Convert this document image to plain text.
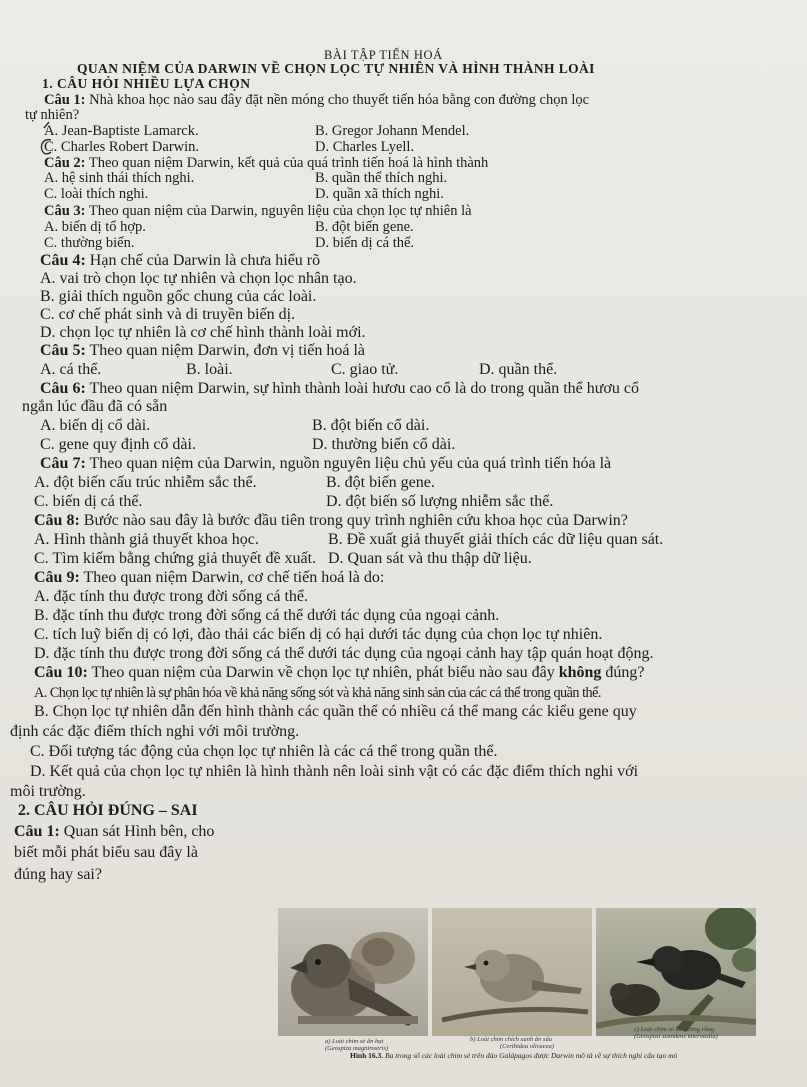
BÀI TẬP TIẾN HOÁ
QUAN NIỆM CỦA DARWIN VỀ CHỌN LỌC TỰ NHIÊN VÀ HÌNH THÀNH LOÀI
1. CÂU HỎI NHIỀU LỰA CHỌN
Câu 1: Nhà khoa học nào sau đây đặt nền móng cho thuyết tiến hóa bằng con đường chọn lọc
tự nhiên?
A. Jean-Baptiste Lamarck.	B. Gregor Johann Mendel.
C. Charles Robert Darwin.	D. Charles Lyell.
Câu 2: Theo quan niệm Darwin, kết quả của quá trình tiến hoá là hình thành
A. hệ sinh thái thích nghi.	B. quần thể thích nghi.
C. loài thích nghi.	D. quần xã thích nghi.
Câu 3: Theo quan niệm của Darwin, nguyên liệu của chọn lọc tự nhiên là
A. biến dị tổ hợp.	B. đột biến gene.
C. thường biến.	D. biến dị cá thể.
Câu 4: Hạn chế của Darwin là chưa hiểu rõ
A. vai trò chọn lọc tự nhiên và chọn lọc nhân tạo.
B. giải thích nguồn gốc chung của các loài.
C. cơ chế phát sinh và di truyền biến dị.
D. chọn lọc tự nhiên là cơ chế hình thành loài mới.
Câu 5: Theo quan niệm Darwin, đơn vị tiến hoá là
A. cá thể.	B. loài.	C. giao tử.	D. quần thể.
Câu 6: Theo quan niệm Darwin, sự hình thành loài hươu cao cổ là do trong quần thể hươu cổ
ngắn lúc đầu đã có sẵn
A. biến dị cổ dài.	B. đột biến cổ dài.
C. gene quy định cổ dài.	D. thường biến cổ dài.
Câu 7: Theo quan niệm của Darwin, nguồn nguyên liệu chủ yếu của quá trình tiến hóa là
A. đột biến cấu trúc nhiễm sắc thể.	B. đột biến gene.
C. biến dị cá thể.	D. đột biến số lượng nhiễm sắc thể.
Câu 8: Bước nào sau đây là bước đầu tiên trong quy trình nghiên cứu khoa học của Darwin?
A. Hình thành giả thuyết khoa học.	B. Đề xuất giả thuyết giải thích các dữ liệu quan sát.
C. Tìm kiếm bằng chứng giả thuyết đề xuất. D. Quan sát và thu thập dữ liệu.
Câu 9: Theo quan niệm Darwin, cơ chế tiến hoá là do:
A. đặc tính thu được trong đời sống cá thể.
B. đặc tính thu được trong đời sống cá thể dưới tác dụng của ngoại cảnh.
C. tích luỹ biến dị có lợi, đào thải các biến dị có hại dưới tác dụng của chọn lọc tự nhiên.
D. đặc tính thu được trong đời sống cá thể dưới tác dụng của ngoại cảnh hay tập quán hoạt động.
Câu 10: Theo quan niệm của Darwin về chọn lọc tự nhiên, phát biểu nào sau đây không đúng?
A. Chọn lọc tự nhiên là sự phân hóa về khả năng sống sót và khả năng sinh sản của các cá thể trong quần thể.
B. Chọn lọc tự nhiên dẫn đến hình thành các quần thể có nhiều cá thể mang các kiểu gene quy
định các đặc điểm thích nghi với môi trường.
C. Đối tượng tác động của chọn lọc tự nhiên là các cá thể trong quần thể.
D. Kết quả của chọn lọc tự nhiên là hình thành nên loài sinh vật có các đặc điểm thích nghi với
môi trường.
2. CÂU HỎI ĐÚNG – SAI
Câu 1: Quan sát Hình bên, cho
biết mỗi phát biểu sau đây là
đúng hay sai?
a) Loài chim sẻ ăn hạt
(Geospiza magnirostris)
b) Loài chim chích xanh ăn sâu
(Certhidea olivacea)
c) Loài chim sẻ ăn xương rồng
(Geospiza scandens intermedia)
Hình 16.3. Ba trong số các loài chim sẻ trên đảo Galápagos được Darwin mô tả về sự thích nghi cấu tạo mỏ
